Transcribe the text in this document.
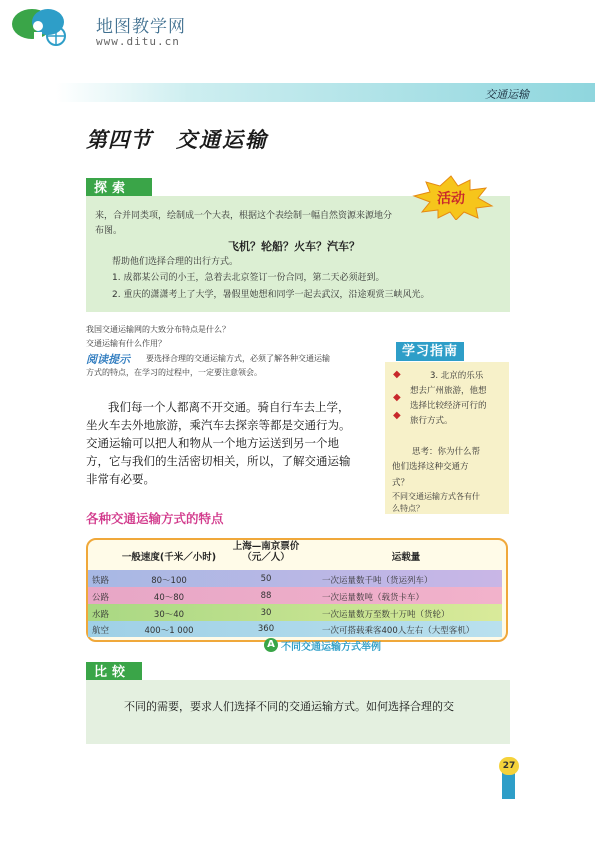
地图教学网
www.ditu.cn
交通运输
第四节 交通运输
探索
来，合并同类项，绘制成一个大表，根据这个表绘制一幅自然资源来源地分
布图。
飞机？轮船？火车？汽车？
帮助他们选择合理的出行方式。
1. 成都某公司的小王，急着去北京签订一份合同，第二天必须赶到。
2. 重庆的潇潇考上了大学，暑假里她想和同学一起去武汉，沿途观赏三峡风光。
活动
我国交通运输网的大致分布特点是什么？
交通运输有什么作用？
阅读提示 要选择合理的交通运输方式，必须了解各种交通运输
方式的特点，在学习的过程中，一定要注意领会。
我们每一个人都离不开交通。骑自行车去上学，
坐火车去外地旅游，乘汽车去探亲等都是交通行为。
交通运输可以把人和物从一个地方运送到另一个地
方，它与我们的生活密切相关，所以，了解交通运输
非常有必要。
学习指南
◆
◆
◆
3. 北京的乐乐
想去广州旅游，他想
选择比较经济可行的
旅行方式。
思考：你为什么帮
他们选择这种交通方
式？
不同交通运输方式各有什
么特点？
各种交通运输方式的特点
一般速度(千米／小时)
上海—南京票价
（元／人）	运载量
铁路	80～100	50	一次运量数千吨（货运列车）
公路	40～80	88	一次运量数吨（载货卡车）
水路	30～40	30	一次运量数万至数十万吨（货轮）
航空	400～1 000	360	一次可搭载乘客400人左右（大型客机）
A 不同交通运输方式举例
比较
不同的需要，要求人们选择不同的交通运输方式。如何选择合理的交
27
